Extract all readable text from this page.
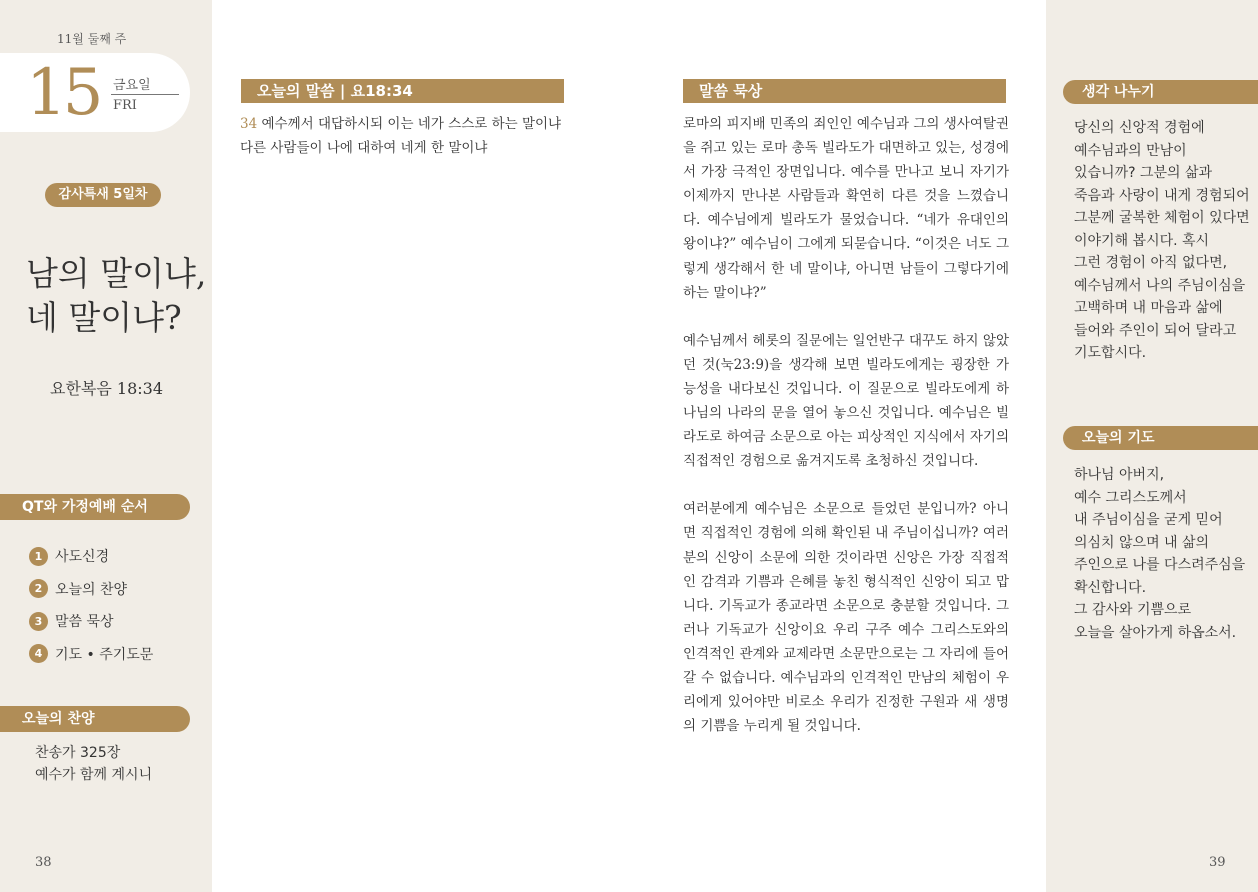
11월 둘째 주
15 금요일
FRI
감사특새 5일차
남의 말이냐,
네 말이냐?
요한복음 18:34
QT와 가정예배 순서
1 사도신경
2 오늘의 찬양
3 말씀 묵상
4 기도 • 주기도문
오늘의 찬양
찬송가 325장
예수가 함께 계시니
38
오늘의 말씀 | 요18:34
34 예수께서 대답하시되 이는 네가 스스로 하는 말이냐 다른 사람들이 나에 대하여 네게 한 말이냐
말씀 묵상

로마의 피지배 민족의 죄인인 예수님과 그의 생사여탈권을 쥐고 있는 로마 총독 빌라도가 대면하고 있는, 성경에서 가장 극적인 장면입니다. 예수를 만나고 보니 자기가 이제까지 만나본 사람들과 확연히 다른 것을 느꼈습니다. 예수님에게 빌라도가 물었습니다. “네가 유대인의 왕이냐?” 예수님이 그에게 되묻습니다. “이것은 너도 그렇게 생각해서 한 네 말이냐, 아니면 남들이 그렇다기에 하는 말이냐?”

예수님께서 헤롯의 질문에는 일언반구 대꾸도 하지 않았던 것(눅23:9)을 생각해 보면 빌라도에게는 굉장한 가능성을 내다보신 것입니다. 이 질문으로 빌라도에게 하나님의 나라의 문을 열어 놓으신 것입니다. 예수님은 빌라도로 하여금 소문으로 아는 피상적인 지식에서 자기의 직접적인 경험으로 옮겨지도록 초청하신 것입니다.

여러분에게 예수님은 소문으로 들었던 분입니까? 아니면 직접적인 경험에 의해 확인된 내 주님이십니까? 여러분의 신앙이 소문에 의한 것이라면 신앙은 가장 직접적인 감격과 기쁨과 은혜를 놓친 형식적인 신앙이 되고 맙니다. 기독교가 종교라면 소문으로 충분할 것입니다. 그러나 기독교가 신앙이요 우리 구주 예수 그리스도와의 인격적인 관계와 교제라면 소문만으로는 그 자리에 들어갈 수 없습니다. 예수님과의 인격적인 만남의 체험이 우리에게 있어야만 비로소 우리가 진정한 구원과 새 생명의 기쁨을 누리게 될 것입니다.

생각 나누기
당신의 신앙적 경험에
예수님과의 만남이
있습니까? 그분의 삶과
죽음과 사랑이 내게 경험되어
그분께 굴복한 체험이 있다면
이야기해 봅시다. 혹시
그런 경험이 아직 없다면,
예수님께서 나의 주님이심을
고백하며 내 마음과 삶에
들어와 주인이 되어 달라고
기도합시다.
오늘의 기도
하나님 아버지,
예수 그리스도께서
내 주님이심을 굳게 믿어
의심치 않으며 내 삶의
주인으로 나를 다스려주심을
확신합니다.
그 감사와 기쁨으로
오늘을 살아가게 하옵소서.
39
